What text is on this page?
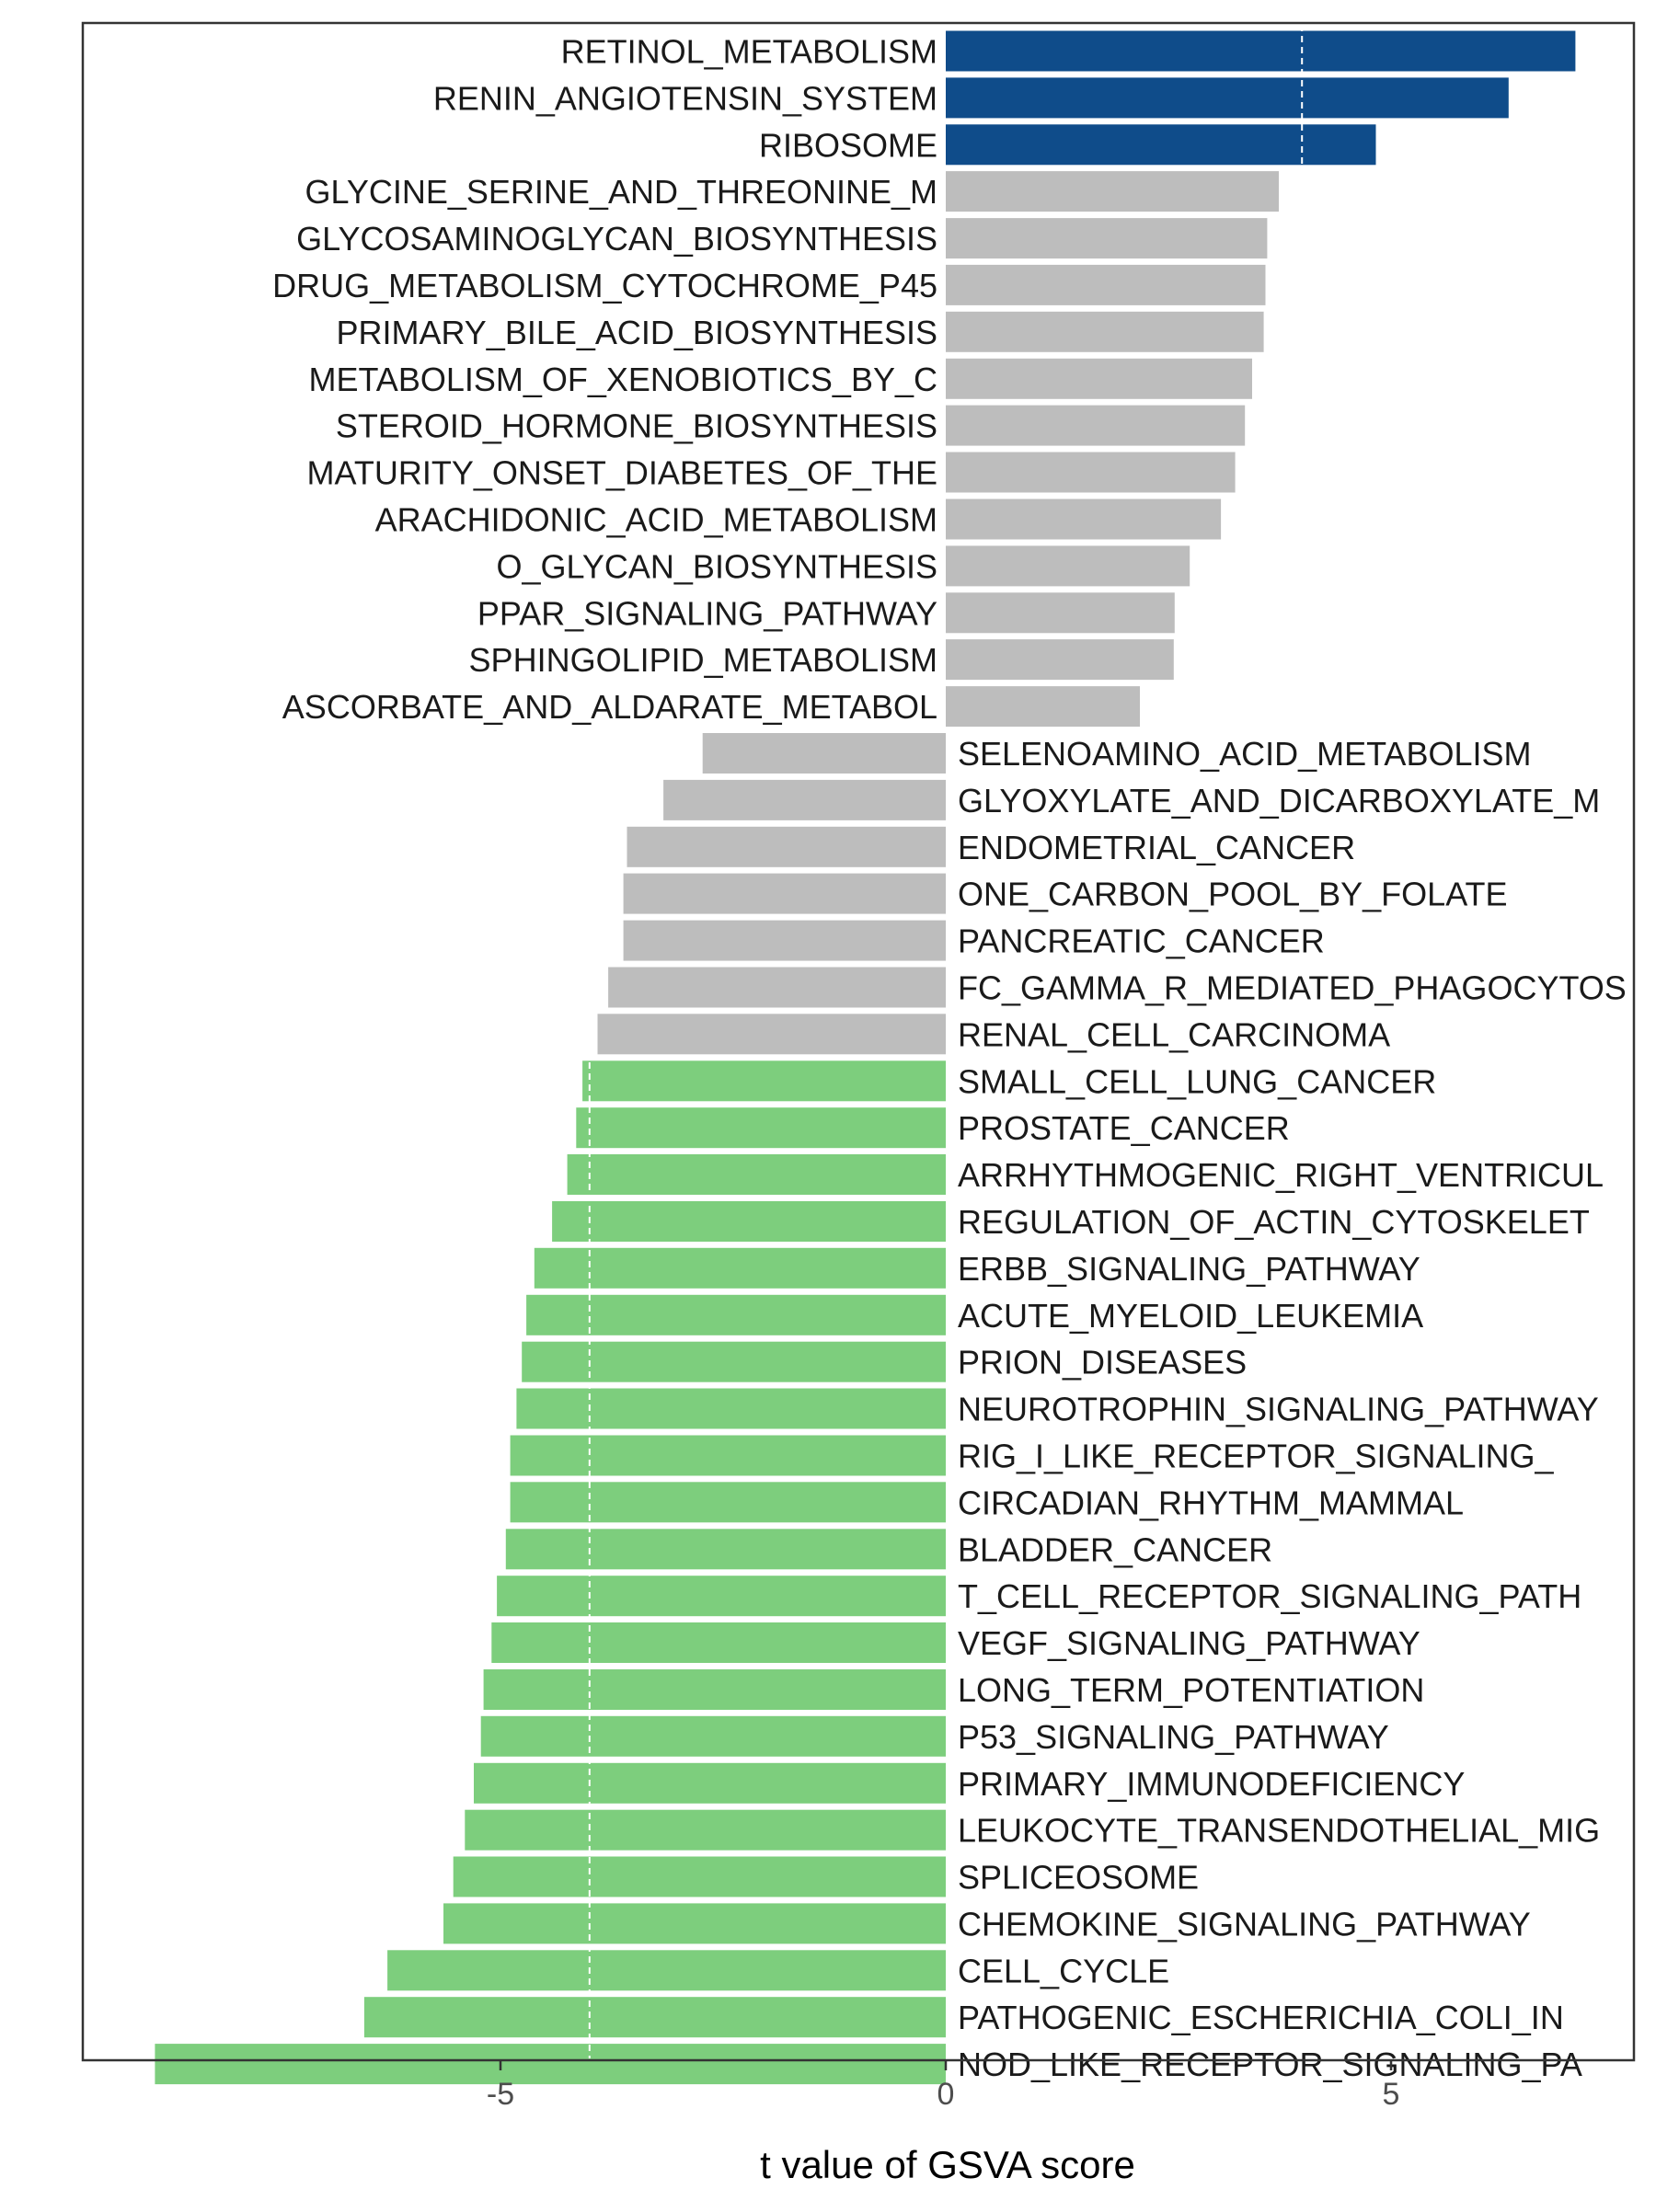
RETINOL_METABOLISM
RENIN_ANGIOTENSIN_SYSTEM
RIBOSOME
GLYCINE_SERINE_AND_THREONINE_M
GLYCOSAMINOGLYCAN_BIOSYNTHESIS
DRUG_METABOLISM_CYTOCHROME_P45
PRIMARY_BILE_ACID_BIOSYNTHESIS
METABOLISM_OF_XENOBIOTICS_BY_C
STEROID_HORMONE_BIOSYNTHESIS
MATURITY_ONSET_DIABETES_OF_THE
ARACHIDONIC_ACID_METABOLISM
O_GLYCAN_BIOSYNTHESIS
PPAR_SIGNALING_PATHWAY
SPHINGOLIPID_METABOLISM
ASCORBATE_AND_ALDARATE_METABOL
SELENOAMINO_ACID_METABOLISM
GLYOXYLATE_AND_DICARBOXYLATE_M
ENDOMETRIAL_CANCER
ONE_CARBON_POOL_BY_FOLATE
PANCREATIC_CANCER
FC_GAMMA_R_MEDIATED_PHAGOCYTOS
RENAL_CELL_CARCINOMA
SMALL_CELL_LUNG_CANCER
PROSTATE_CANCER
ARRHYTHMOGENIC_RIGHT_VENTRICUL
REGULATION_OF_ACTIN_CYTOSKELET
ERBB_SIGNALING_PATHWAY
ACUTE_MYELOID_LEUKEMIA
PRION_DISEASES
NEUROTROPHIN_SIGNALING_PATHWAY
RIG_I_LIKE_RECEPTOR_SIGNALING_
CIRCADIAN_RHYTHM_MAMMAL
BLADDER_CANCER
T_CELL_RECEPTOR_SIGNALING_PATH
VEGF_SIGNALING_PATHWAY
LONG_TERM_POTENTIATION
P53_SIGNALING_PATHWAY
PRIMARY_IMMUNODEFICIENCY
LEUKOCYTE_TRANSENDOTHELIAL_MIG
SPLICEOSOME
CHEMOKINE_SIGNALING_PATHWAY
CELL_CYCLE
PATHOGENIC_ESCHERICHIA_COLI_IN
NOD_LIKE_RECEPTOR_SIGNALING_PA
-5	0	5
t value of GSVA score
